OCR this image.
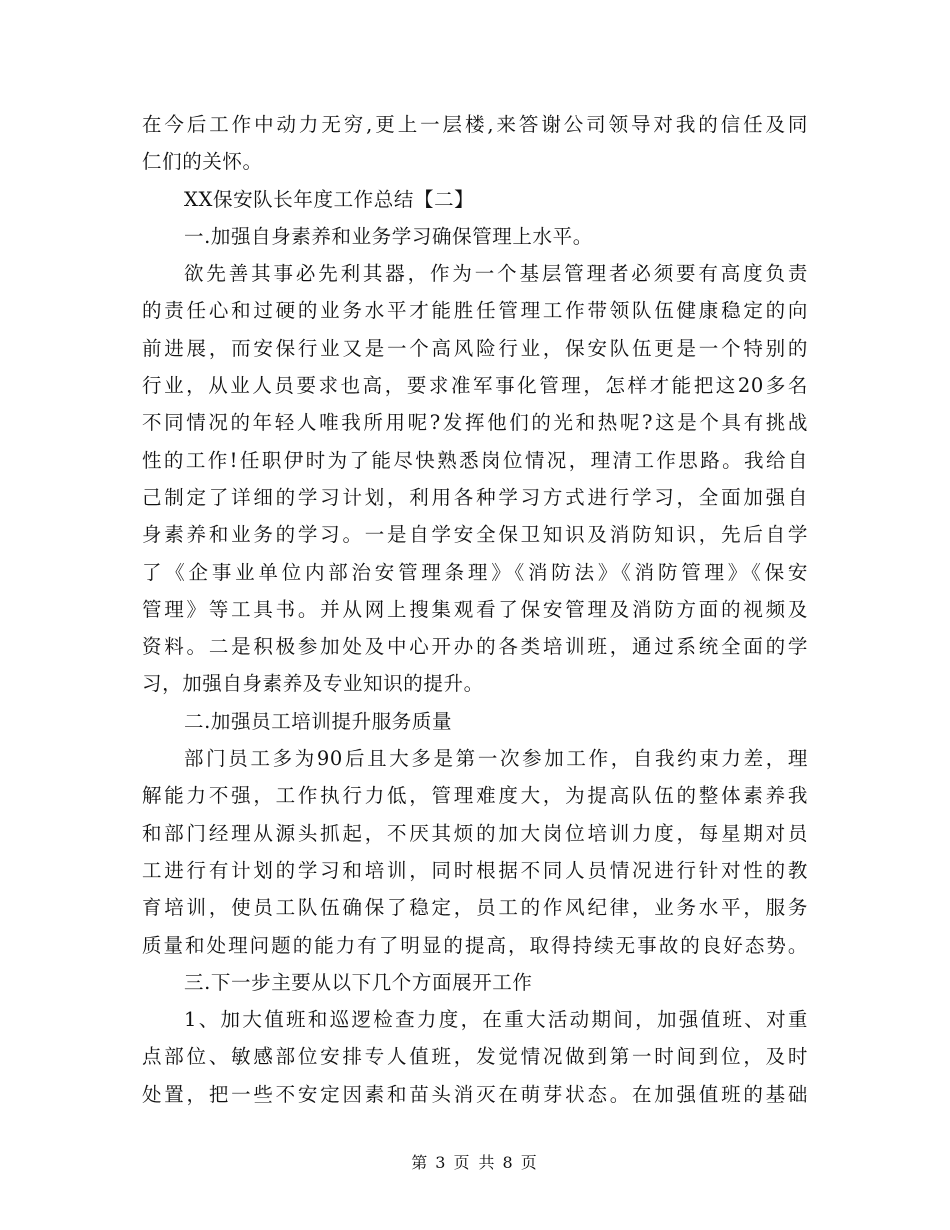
在今后工作中动力无穷,更上一层楼,来答谢公司领导对我的信任及同
仁们的关怀。
XX保安队长年度工作总结【二】
一.加强自身素养和业务学习确保管理上水平。
欲先善其事必先利其器，作为一个基层管理者必须要有高度负责
的责任心和过硬的业务水平才能胜任管理工作带领队伍健康稳定的向
前进展，而安保行业又是一个高风险行业，保安队伍更是一个特别的
行业，从业人员要求也高，要求准军事化管理，怎样才能把这20多名
不同情况的年轻人唯我所用呢?发挥他们的光和热呢?这是个具有挑战
性的工作!任职伊时为了能尽快熟悉岗位情况，理清工作思路。我给自
己制定了详细的学习计划，利用各种学习方式进行学习，全面加强自
身素养和业务的学习。一是自学安全保卫知识及消防知识，先后自学
了《企事业单位内部治安管理条理》《消防法》《消防管理》《保安
管理》等工具书。并从网上搜集观看了保安管理及消防方面的视频及
资料。二是积极参加处及中心开办的各类培训班，通过系统全面的学
习，加强自身素养及专业知识的提升。
二.加强员工培训提升服务质量
部门员工多为90后且大多是第一次参加工作，自我约束力差，理
解能力不强，工作执行力低，管理难度大，为提高队伍的整体素养我
和部门经理从源头抓起，不厌其烦的加大岗位培训力度，每星期对员
工进行有计划的学习和培训，同时根据不同人员情况进行针对性的教
育培训，使员工队伍确保了稳定，员工的作风纪律，业务水平，服务
质量和处理问题的能力有了明显的提高，取得持续无事故的良好态势。
三.下一步主要从以下几个方面展开工作
1、加大值班和巡逻检查力度，在重大活动期间，加强值班、对重
点部位、敏感部位安排专人值班，发觉情况做到第一时间到位，及时
处置，把一些不安定因素和苗头消灭在萌芽状态。在加强值班的基础
第 3 页 共 8 页
